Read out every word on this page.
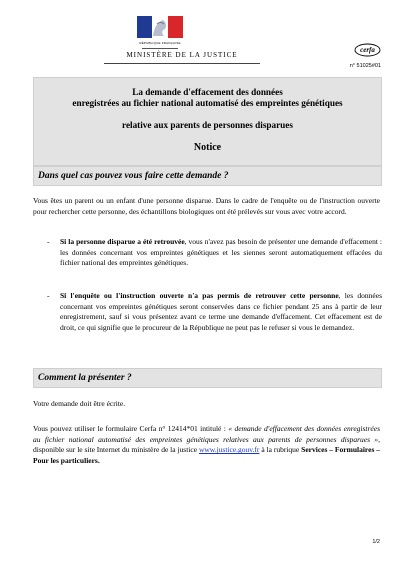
RÉPUBLIQUE FRANÇAISE
MINISTÈRE DE LA JUSTICE
cerfa
n° 51025#01
La demande d'effacement des données
enregistrées au fichier national automatisé des empreintes génétiques
relative aux parents de personnes disparues
Notice
Dans quel cas pouvez vous faire cette demande ?
Vous êtes un parent ou un enfant d'une personne disparue. Dans le cadre de l'enquête ou de l'instruction ouverte pour rechercher cette personne, des échantillons biologiques ont été prélevés sur vous avec votre accord.
- Si la personne disparue a été retrouvée, vous n'avez pas besoin de présenter une demande d'effacement : les données concernant vos empreintes génétiques et les siennes seront automatiquement effacées du fichier national des empreintes génétiques.
- Si l'enquête ou l'instruction ouverte n'a pas permis de retrouver cette personne, les données concernant vos empreintes génétiques seront conservées dans ce fichier pendant 25 ans à partir de leur enregistrement, sauf si vous présentez avant ce terme une demande d'effacement. Cet effacement est de droit, ce qui signifie que le procureur de la République ne peut pas le refuser si vous le demandez.
Comment la présenter ?
Votre demande doit être écrite.
Vous pouvez utiliser le formulaire Cerfa n° 12414*01 intitulé : « demande d'effacement des données enregistrées au fichier national automatisé des empreintes génétiques relatives aux parents de personnes disparues », disponible sur le site Internet du ministère de la justice www.justice.gouv.fr à la rubrique Services – Formulaires – Pour les particuliers.
1/2
